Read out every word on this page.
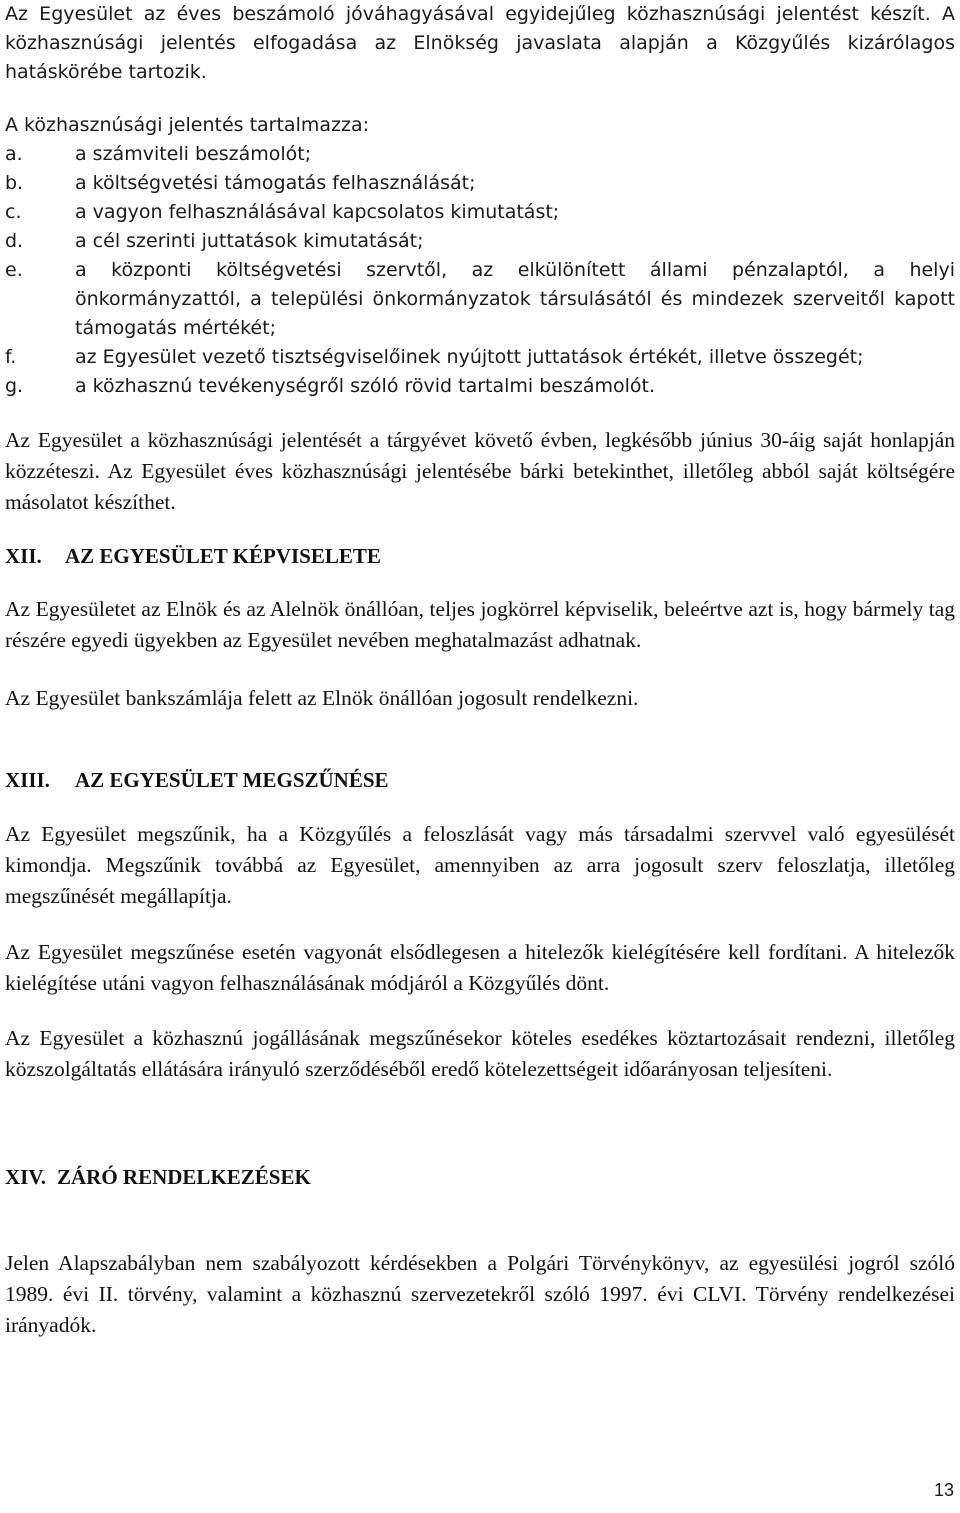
Az Egyesület az éves beszámoló jóváhagyásával egyidejűleg közhasznúsági jelentést készít. A közhasznúsági jelentés elfogadása az Elnökség javaslata alapján a Közgyűlés kizárólagos hatáskörébe tartozik.

A közhasznúsági jelentés tartalmazza:

a.	a számviteli beszámolót;
b.	a költségvetési támogatás felhasználását;
c.	a vagyon felhasználásával kapcsolatos kimutatást;
d.	a cél szerinti juttatások kimutatását;
e.	a központi költségvetési szervtől, az elkülönített állami pénzalaptól, a helyi önkormányzattól, a települési önkormányzatok társulásától és mindezek szerveitől kapott támogatás mértékét;
f.	az Egyesület vezető tisztségviselőinek nyújtott juttatások értékét, illetve összegét;
g.	a közhasznú tevékenységről szóló rövid tartalmi beszámolót.

Az Egyesület a közhasznúsági jelentését a tárgyévet követő évben, legkésőbb június 30-áig saját honlapján közzéteszi. Az Egyesület éves közhasznúsági jelentésébe bárki betekinthet, illetőleg abból saját költségére másolatot készíthet.

XII.	AZ EGYESÜLET KÉPVISELETE

Az Egyesületet az Elnök és az Alelnök önállóan, teljes jogkörrel képviselik, beleértve azt is, hogy bármely tag részére egyedi ügyekben az Egyesület nevében meghatalmazást adhatnak.

Az Egyesület bankszámlája felett az Elnök önállóan jogosult rendelkezni.

XIII.	AZ EGYESÜLET MEGSZŰNÉSE

Az Egyesület megszűnik, ha a Közgyűlés a feloszlását vagy más társadalmi szervvel való egyesülését kimondja. Megszűnik továbbá az Egyesület, amennyiben az arra jogosult szerv feloszlatja, illetőleg megszűnését megállapítja.

Az Egyesület megszűnése esetén vagyonát elsődlegesen a hitelezők kielégítésére kell fordítani. A hitelezők kielégítése utáni vagyon felhasználásának módjáról a Közgyűlés dönt.

Az Egyesület a közhasznú jogállásának megszűnésekor köteles esedékes köztartozásait rendezni, illetőleg közszolgáltatás ellátására irányuló szerződéséből eredő kötelezettségeit időarányosan teljesíteni.

XIV. ZÁRÓ RENDELKEZÉSEK

Jelen Alapszabályban nem szabályozott kérdésekben a Polgári Törvénykönyv, az egyesülési jogról szóló 1989. évi II. törvény, valamint a közhasznú szervezetekről szóló 1997. évi CLVI. Törvény rendelkezései irányadók.

13
